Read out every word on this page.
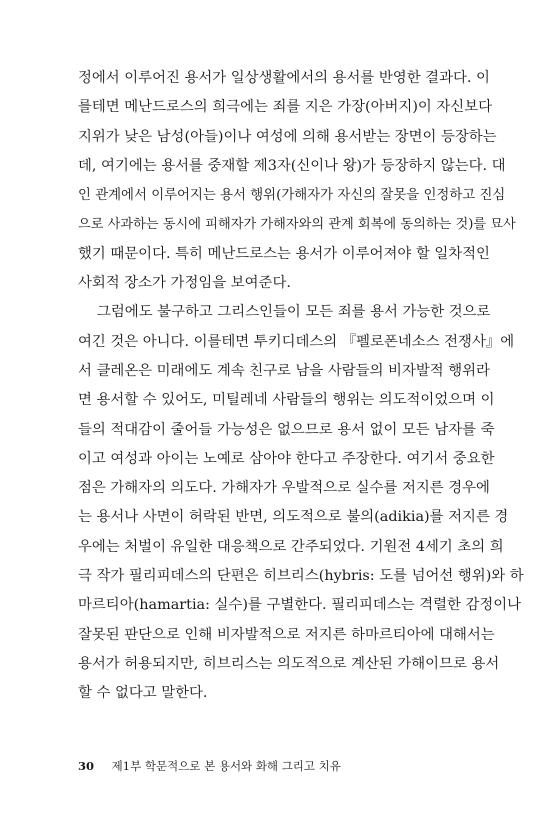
정에서 이루어진 용서가 일상생활에서의 용서를 반영한 결과다. 이
를테면 메난드로스의 희극에는 죄를 지은 가장(아버지)이 자신보다
지위가 낮은 남성(아들)이나 여성에 의해 용서받는 장면이 등장하는
데, 여기에는 용서를 중재할 제3자(신이나 왕)가 등장하지 않는다. 대
인 관계에서 이루어지는 용서 행위(가해자가 자신의 잘못을 인정하고 진심
으로 사과하는 동시에 피해자가 가해자와의 관계 회복에 동의하는 것)를 묘사
했기 때문이다. 특히 메난드로스는 용서가 이루어져야 할 일차적인
사회적 장소가 가정임을 보여준다.
그럼에도 불구하고 그리스인들이 모든 죄를 용서 가능한 것으로
여긴 것은 아니다. 이를테면 투키디데스의 『펠로폰네소스 전쟁사』에
서 클레온은 미래에도 계속 친구로 남을 사람들의 비자발적 행위라
면 용서할 수 있어도, 미틸레네 사람들의 행위는 의도적이었으며 이
들의 적대감이 줄어들 가능성은 없으므로 용서 없이 모든 남자를 죽
이고 여성과 아이는 노예로 삼아야 한다고 주장한다. 여기서 중요한
점은 가해자의 의도다. 가해자가 우발적으로 실수를 저지른 경우에
는 용서나 사면이 허락된 반면, 의도적으로 불의(adikia)를 저지른 경
우에는 처벌이 유일한 대응책으로 간주되었다. 기원전 4세기 초의 희
극 작가 필리피데스의 단편은 히브리스(hybris: 도를 넘어선 행위)와 하
마르티아(hamartia: 실수)를 구별한다. 필리피데스는 격렬한 감정이나
잘못된 판단으로 인해 비자발적으로 저지른 하마르티아에 대해서는
용서가 허용되지만, 히브리스는 의도적으로 계산된 가해이므로 용서
할 수 없다고 말한다.
30 제1부 학문적으로 본 용서와 화해 그리고 치유
